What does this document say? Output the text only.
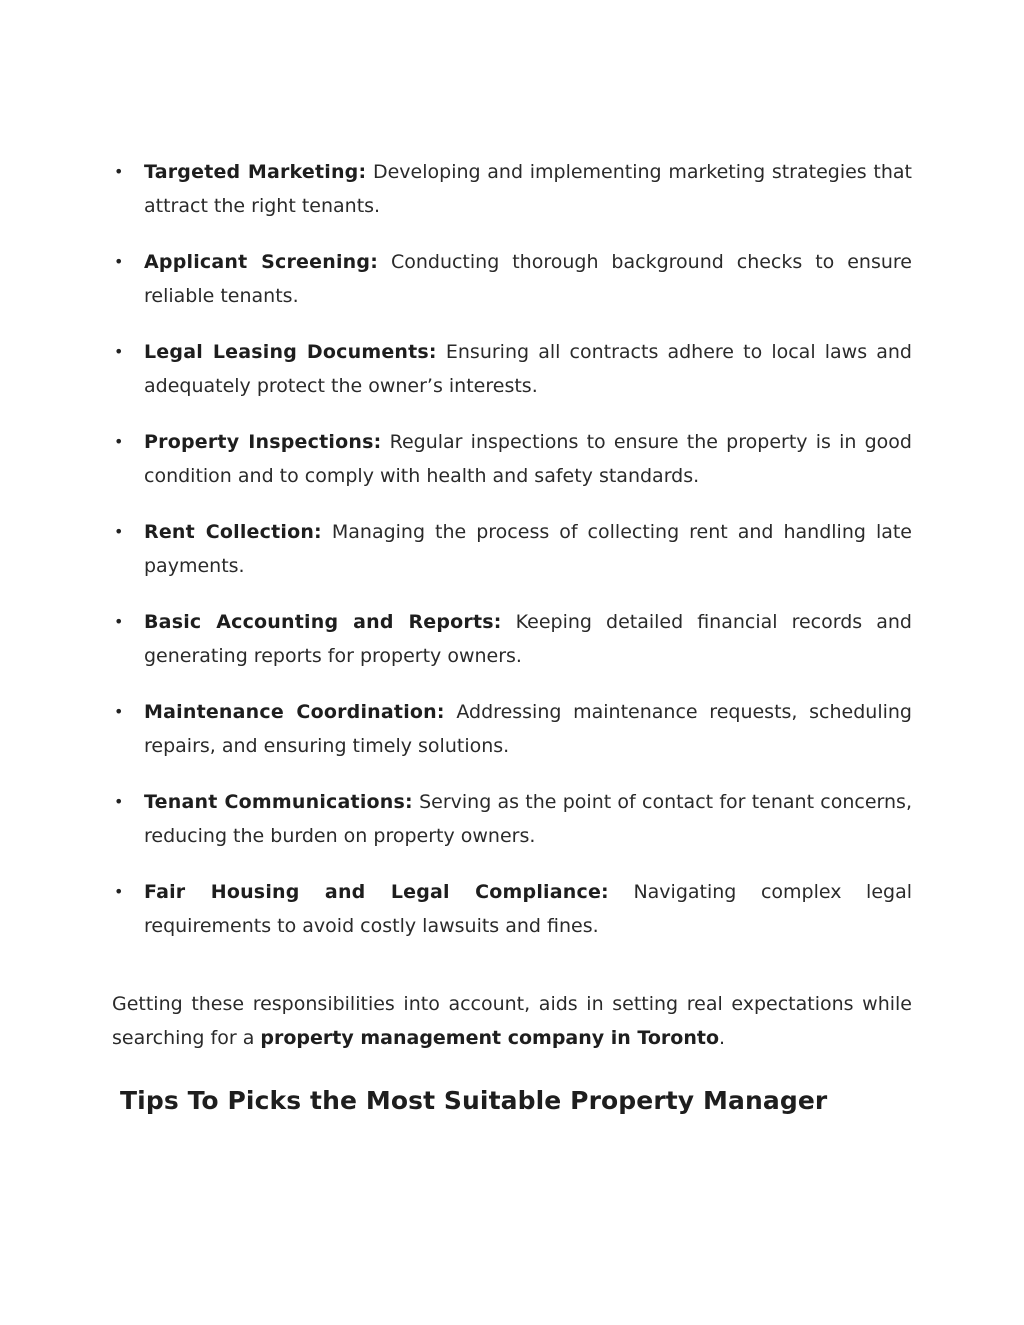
• Targeted Marketing: Developing and implementing marketing strategies that attract the right tenants.
• Applicant Screening: Conducting thorough background checks to ensure reliable tenants.
• Legal Leasing Documents: Ensuring all contracts adhere to local laws and adequately protect the owner’s interests.
• Property Inspections: Regular inspections to ensure the property is in good condition and to comply with health and safety standards.
• Rent Collection: Managing the process of collecting rent and handling late payments.
• Basic Accounting and Reports: Keeping detailed financial records and generating reports for property owners.
• Maintenance Coordination: Addressing maintenance requests, scheduling repairs, and ensuring timely solutions.
• Tenant Communications: Serving as the point of contact for tenant concerns, reducing the burden on property owners.
• Fair Housing and Legal Compliance: Navigating complex legal requirements to avoid costly lawsuits and fines.

Getting these responsibilities into account, aids in setting real expectations while searching for a property management company in Toronto.

Tips To Picks the Most Suitable Property Manager
